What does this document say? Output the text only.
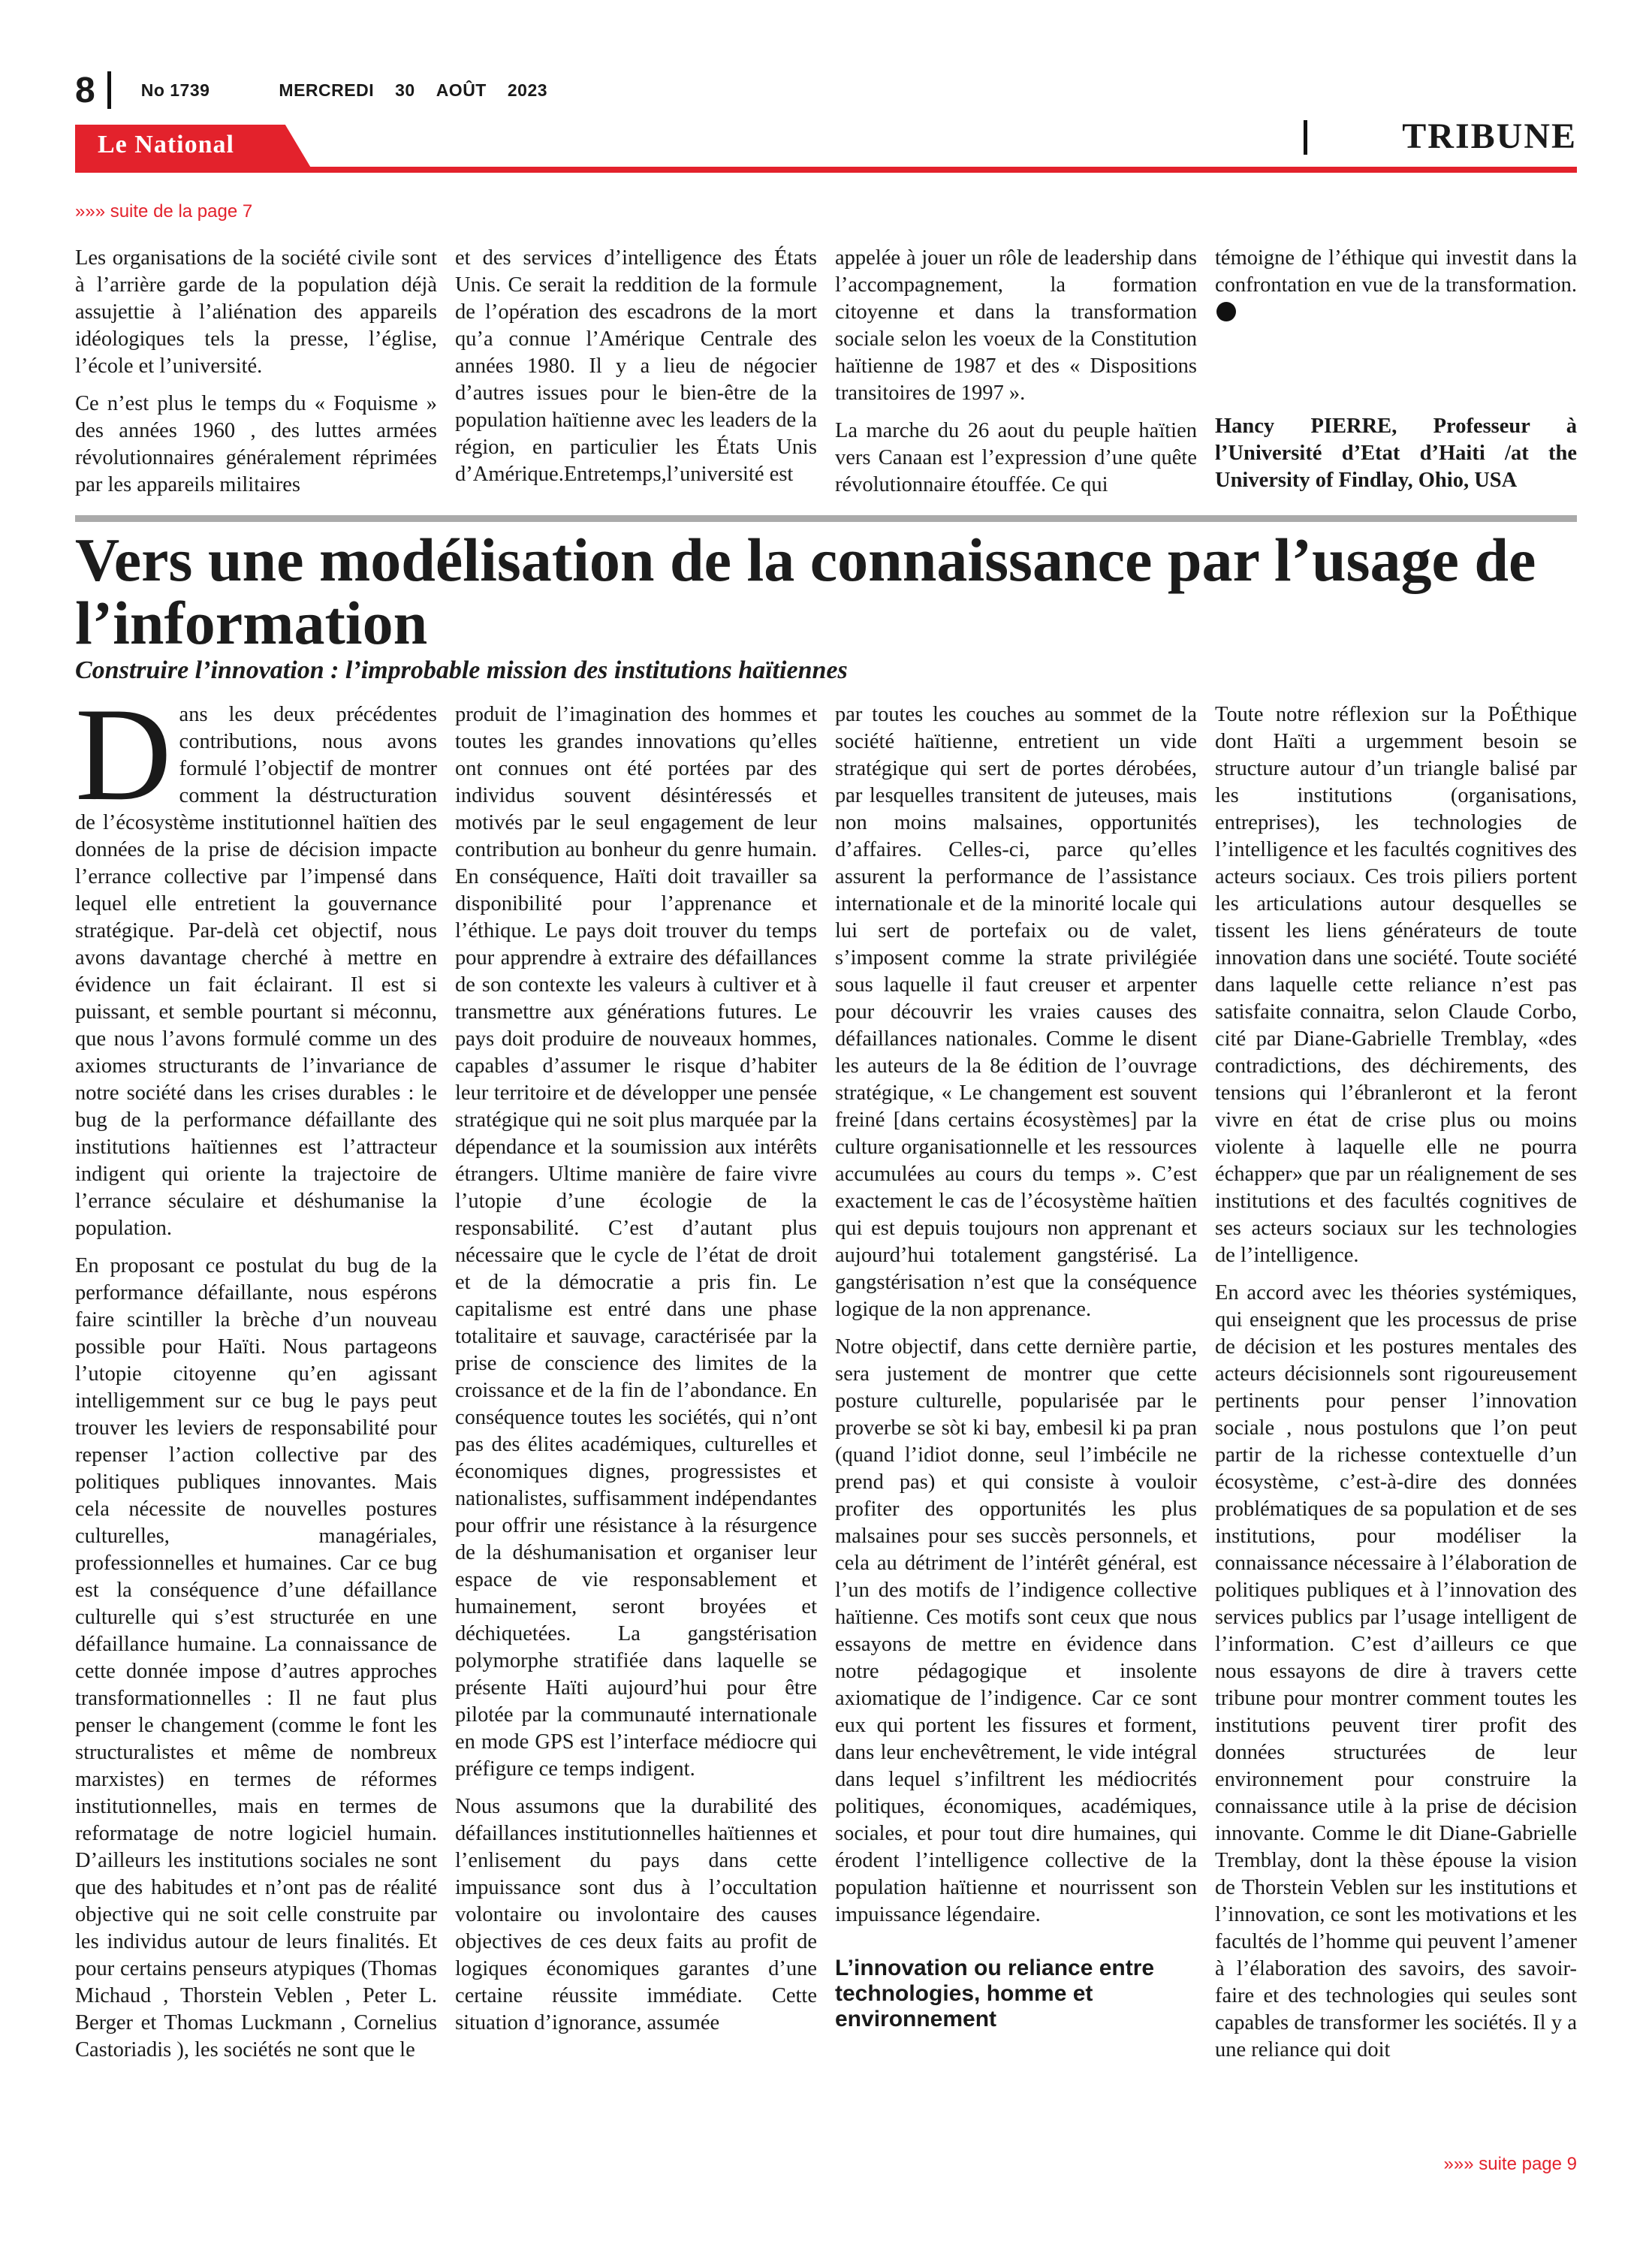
8	No 1739	MERCREDI 30 AOÛT 2023
Le National	TRIBUNE
»»» suite de la page 7

Les organisations de la société civile sont à l’arrière garde de la population déjà assujettie à l’aliénation des appareils idéologiques tels la presse, l’église, l’école et l’université.

Ce n’est plus le temps du « Foquisme » des années 1960 , des luttes armées révolutionnaires généralement réprimées par les appareils militaires

et des services d’intelligence des États Unis. Ce serait la reddition de la formule de l’opération des escadrons de la mort qu’a connue l’Amérique Centrale des années 1980. Il y a lieu de négocier d’autres issues pour le bien-être de la population haïtienne avec les leaders de la région, en particulier les États Unis d’Amérique.Entretemps,l’université est

appelée à jouer un rôle de leadership dans l’accompagnement, la formation citoyenne et dans la transformation sociale selon les voeux de la Constitution haïtienne de 1987 et des « Dispositions transitoires de 1997 ».

La marche du 26 aout du peuple haïtien vers Canaan est l’expression d’une quête révolutionnaire étouffée. Ce qui

témoigne de l’éthique qui investit dans la confrontation en vue de la transformation.

Hancy PIERRE, Professeur à l’Université d’Etat d’Haiti /at the University of Findlay, Ohio, USA

Vers une modélisation de la connaissance par l’usage de l’information
Construire l’innovation : l’improbable mission des institutions haïtiennes

Dans les deux précédentes contributions, nous avons formulé l’objectif de montrer comment la déstructuration de l’écosystème institutionnel haïtien des données de la prise de décision impacte l’errance collective par l’impensé dans lequel elle entretient la gouvernance stratégique. Par-delà cet objectif, nous avons davantage cherché à mettre en évidence un fait éclairant. Il est si puissant, et semble pourtant si méconnu, que nous l’avons formulé comme un des axiomes structurants de l’invariance de notre société dans les crises durables : le bug de la performance défaillante des institutions haïtiennes est l’attracteur indigent qui oriente la trajectoire de l’errance séculaire et déshumanise la population.

En proposant ce postulat du bug de la performance défaillante, nous espérons faire scintiller la brèche d’un nouveau possible pour Haïti. Nous partageons l’utopie citoyenne qu’en agissant intelligemment sur ce bug le pays peut trouver les leviers de responsabilité pour repenser l’action collective par des politiques publiques innovantes. Mais cela nécessite de nouvelles postures culturelles, managériales, professionnelles et humaines. Car ce bug est la conséquence d’une défaillance culturelle qui s’est structurée en une défaillance humaine. La connaissance de cette donnée impose d’autres approches transformationnelles : Il ne faut plus penser le changement (comme le font les structuralistes et même de nombreux marxistes) en termes de réformes institutionnelles, mais en termes de reformatage de notre logiciel humain. D’ailleurs les institutions sociales ne sont que des habitudes et n’ont pas de réalité objective qui ne soit celle construite par les individus autour de leurs finalités. Et pour certains penseurs atypiques (Thomas Michaud , Thorstein Veblen , Peter L. Berger et Thomas Luckmann , Cornelius Castoriadis ), les sociétés ne sont que le

produit de l’imagination des hommes et toutes les grandes innovations qu’elles ont connues ont été portées par des individus souvent désintéressés et motivés par le seul engagement de leur contribution au bonheur du genre humain. En conséquence, Haïti doit travailler sa disponibilité pour l’apprenance et l’éthique. Le pays doit trouver du temps pour apprendre à extraire des défaillances de son contexte les valeurs à cultiver et à transmettre aux générations futures. Le pays doit produire de nouveaux hommes, capables d’assumer le risque d’habiter leur territoire et de développer une pensée stratégique qui ne soit plus marquée par la dépendance et la soumission aux intérêts étrangers. Ultime manière de faire vivre l’utopie d’une écologie de la responsabilité. C’est d’autant plus nécessaire que le cycle de l’état de droit et de la démocratie a pris fin. Le capitalisme est entré dans une phase totalitaire et sauvage, caractérisée par la prise de conscience des limites de la croissance et de la fin de l’abondance. En conséquence toutes les sociétés, qui n’ont pas des élites académiques, culturelles et économiques dignes, progressistes et nationalistes, suffisamment indépendantes pour offrir une résistance à la résurgence de la déshumanisation et organiser leur espace de vie responsablement et humainement, seront broyées et déchiquetées. La gangstérisation polymorphe stratifiée dans laquelle se présente Haïti aujourd’hui pour être pilotée par la communauté internationale en mode GPS est l’interface médiocre qui préfigure ce temps indigent.

Nous assumons que la durabilité des défaillances institutionnelles haïtiennes et l’enlisement du pays dans cette impuissance sont dus à l’occultation volontaire ou involontaire des causes objectives de ces deux faits au profit de logiques économiques garantes d’une certaine réussite immédiate. Cette situation d’ignorance, assumée

par toutes les couches au sommet de la société haïtienne, entretient un vide stratégique qui sert de portes dérobées, par lesquelles transitent de juteuses, mais non moins malsaines, opportunités d’affaires. Celles-ci, parce qu’elles assurent la performance de l’assistance internationale et de la minorité locale qui lui sert de portefaix ou de valet, s’imposent comme la strate privilégiée sous laquelle il faut creuser et arpenter pour découvrir les vraies causes des défaillances nationales. Comme le disent les auteurs de la 8e édition de l’ouvrage stratégique, « Le changement est souvent freiné [dans certains écosystèmes] par la culture organisationnelle et les ressources accumulées au cours du temps ». C’est exactement le cas de l’écosystème haïtien qui est depuis toujours non apprenant et aujourd’hui totalement gangstérisé. La gangstérisation n’est que la conséquence logique de la non apprenance.

Notre objectif, dans cette dernière partie, sera justement de montrer que cette posture culturelle, popularisée par le proverbe se sòt ki bay, embesil ki pa pran (quand l’idiot donne, seul l’imbécile ne prend pas) et qui consiste à vouloir profiter des opportunités les plus malsaines pour ses succès personnels, et cela au détriment de l’intérêt général, est l’un des motifs de l’indigence collective haïtienne. Ces motifs sont ceux que nous essayons de mettre en évidence dans notre pédagogique et insolente axiomatique de l’indigence. Car ce sont eux qui portent les fissures et forment, dans leur enchevêtrement, le vide intégral dans lequel s’infiltrent les médiocrités politiques, économiques, académiques, sociales, et pour tout dire humaines, qui érodent l’intelligence collective de la population haïtienne et nourrissent son impuissance légendaire.

L’innovation ou reliance entre technologies, homme et environnement

Toute notre réflexion sur la PoÉthique dont Haïti a urgemment besoin se structure autour d’un triangle balisé par les institutions (organisations, entreprises), les technologies de l’intelligence et les facultés cognitives des acteurs sociaux. Ces trois piliers portent les articulations autour desquelles se tissent les liens générateurs de toute innovation dans une société. Toute société dans laquelle cette reliance n’est pas satisfaite connaitra, selon Claude Corbo, cité par Diane-Gabrielle Tremblay, «des contradictions, des déchirements, des tensions qui l’ébranleront et la feront vivre en état de crise plus ou moins violente à laquelle elle ne pourra échapper» que par un réalignement de ses institutions et des facultés cognitives de ses acteurs sociaux sur les technologies de l’intelligence.

En accord avec les théories systémiques, qui enseignent que les processus de prise de décision et les postures mentales des acteurs décisionnels sont rigoureusement pertinents pour penser l’innovation sociale , nous postulons que l’on peut partir de la richesse contextuelle d’un écosystème, c’est-à-dire des données problématiques de sa population et de ses institutions, pour modéliser la connaissance nécessaire à l’élaboration de politiques publiques et à l’innovation des services publics par l’usage intelligent de l’information. C’est d’ailleurs ce que nous essayons de dire à travers cette tribune pour montrer comment toutes les institutions peuvent tirer profit des données structurées de leur environnement pour construire la connaissance utile à la prise de décision innovante. Comme le dit Diane-Gabrielle Tremblay, dont la thèse épouse la vision de Thorstein Veblen sur les institutions et l’innovation, ce sont les motivations et les facultés de l’homme qui peuvent l’amener à l’élaboration des savoirs, des savoir-faire et des technologies qui seules sont capables de transformer les sociétés. Il y a une reliance qui doit

»»» suite page 9
